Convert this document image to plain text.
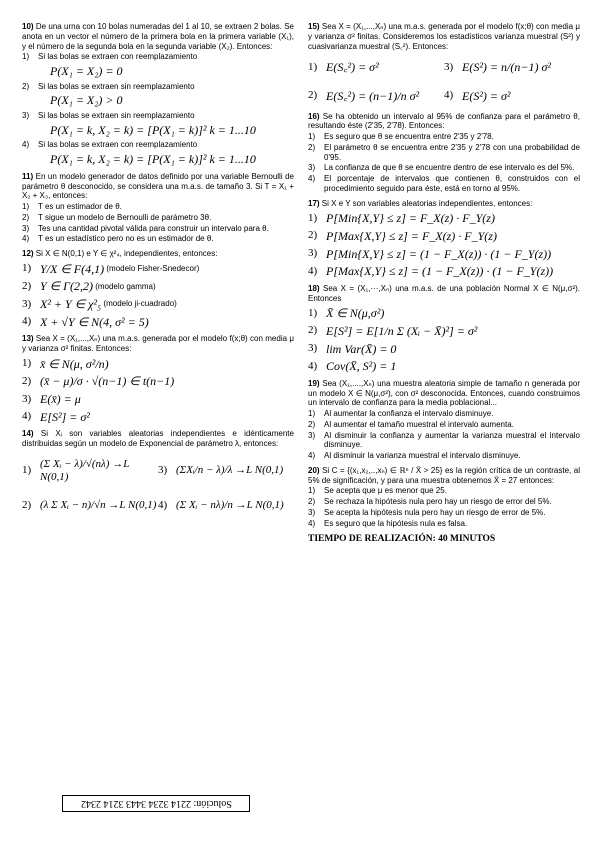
10) De una urna con 10 bolas numeradas del 1 al 10, se extraen 2 bolas. Se anota en un vector el número de la primera bola en la primera variable (X₁), y el número de la segunda bola en la segunda variable (X₂). Entonces:
1)	Si las bolas se extraen con reemplazamiento
P(X₁ = X₂) = 0
2)	Si las bolas se extraen sin reemplazamiento
P(X₁ = X₂) > 0
3)	Si las bolas se extraen sin reemplazamiento
P(X₁ = k, X₂ = k) = [P(X₁ = k)]² k = 1...10
4)	Si las bolas se extraen con reemplazamiento
P(X₁ = k, X₂ = k) = [P(X₁ = k)]² k = 1...10
11) En un modelo generador de datos definido por una variable Bernoulli de parámetro θ desconocido, se considera una m.a.s. de tamaño 3. Si T = X₁ + X₂ + X₃, entonces:
1)	T es un estimador de θ.
2)	T sigue un modelo de Bernoulli de parámetro 3θ.
3)	Tes una cantidad pivotal válida para construir un intervalo para θ.
4)	T es un estadístico pero no es un estimador de θ.
12) Si X ∈ N(0,1) e Y ∈ χ²₄, independientes, entonces:
1) Y/X ∈ F(4,1)
(modelo Fisher-Snedecor)
2) Y ∈ Γ(2,2)
(modelo gamma)
3) X² + Y ∈ χ²₅
(modelo ji-cuadrado)
4) X + √Y ∈ N(4, σ² = 5)
13) Sea X = (X₁,...,Xₙ) una m.a.s. generada por el modelo f(x;θ) con media μ y varianza σ² finitas. Entonces:
1) x̄ ∈ N(μ, σ²/n)
2) (x̄ − μ)/σ · √(n−1) ∈ t(n−1)
3) E(x̄) = μ
4) E[S²] = σ²
14) Si Xᵢ son variables aleatorias independientes e idénticamente distribuidas según un modelo de Exponencial de parámetro λ, entonces:
1)
(Σ Xᵢ − λ)/√(nλ) →L N(0,1)
3) (ΣXᵢ/n − λ)/λ →L N(0,1)
2) (λ Σ Xᵢ − n)/√n →L N(0,1) 4) (Σ Xᵢ − nλ)/n →L N(0,1)
Solución: 2214 3234 3443 3214 2342
15) Sea X = (X₁,...,Xₙ) una m.a.s. generada por el modelo f(x;θ) con media μ y varianza σ² finitas. Consideremos los estadísticos varianza muestral (S²) y cuasivarianza muestral (S꜀²). Entonces:
1) E(S꜀²) = σ²	3) E(S²) = n/(n−1) σ²
2) E(S꜀²) = (n−1)/n σ² 4) E(S²) = σ²
16) Se ha obtenido un intervalo al 95% de confianza para el parámetro θ, resultando éste (2'35, 2'78). Entonces:
1)	Es seguro que θ se encuentra entre 2'35 y 2'78.
2)	El parámetro θ se encuentra entre 2'35 y 2'78 con una probabilidad de 0'95.
3)	La confianza de que θ se encuentre dentro de ese intervalo es del 5%.
4)	El porcentaje de intervalos que contienen θ, construidos con el procedimiento seguido para éste, está en torno al 95%.
17) Si X e Y son variables aleatorias independientes, entonces:
1) P[Min{X,Y} ≤ z] = F_X(z) · F_Y(z)
2) P[Max{X,Y} ≤ z] = F_X(z) · F_Y(z)
3) P[Min{X,Y} ≤ z] = (1 − F_X(z)) · (1 − F_Y(z))
4) P[Max{X,Y} ≤ z] = (1 − F_X(z)) · (1 − F_Y(z))
18) Sea X = (X₁,···,Xₙ) una m.a.s. de una población Normal X ∈ N(μ,σ²). Entonces
1) X̄ ∈ N(μ,σ²)
2) E[S²] = E[1/n Σ (Xᵢ − X̄)²] = σ²
3) lim Var(X̄) = 0
4) Cov(X̄, S²) = 1
19) Sea (X₁,....,Xₙ) una muestra aleatoria simple de tamaño n generada por un modelo X ∈ N(μ,σ²), con σ² desconocida. Entonces, cuando construimos un intervalo de confianza para la media poblacional...
1)	Al aumentar la confianza el intervalo disminuye.
2)	Al aumentar el tamaño muestral el intervalo aumenta.
3)	Al disminuir la confianza y aumentar la varianza muestral el intervalo disminuye.
4)	Al disminuir la varianza muestral el intervalo disminuye.
20) Si C = {(x₁,x₂,..,xₙ) ∈ ℝⁿ / X̄ > 25} es la región crítica de un contraste, al 5% de significación, y para una muestra obtenemos X̄ = 27 entonces:
1)	Se acepta que μ es menor que 25.
2)	Se rechaza la hipótesis nula pero hay un riesgo de error del 5%.
3)	Se acepta la hipótesis nula pero hay un riesgo de error de 5%.
4)	Es seguro que la hipótesis nula es falsa.
TIEMPO DE REALIZACIÓN: 40 MINUTOS
